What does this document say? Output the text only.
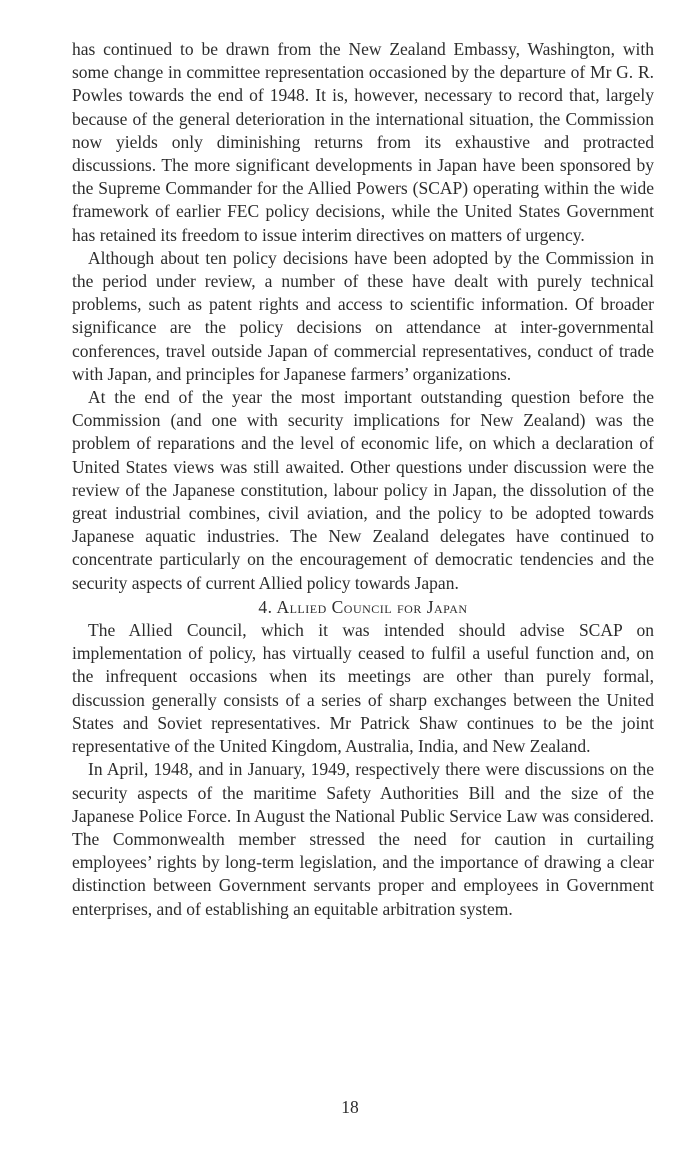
has continued to be drawn from the New Zealand Embassy, Washington, with some change in committee representation occasioned by the departure of Mr G. R. Powles towards the end of 1948. It is, however, necessary to record that, largely because of the general deterioration in the international situation, the Commission now yields only diminishing returns from its exhaustive and protracted discussions. The more significant developments in Japan have been sponsored by the Supreme Commander for the Allied Powers (SCAP) operating within the wide framework of earlier FEC policy decisions, while the United States Government has retained its freedom to issue interim directives on matters of urgency.

Although about ten policy decisions have been adopted by the Commission in the period under review, a number of these have dealt with purely technical problems, such as patent rights and access to scientific information. Of broader significance are the policy decisions on attendance at inter-governmental conferences, travel outside Japan of commercial representatives, conduct of trade with Japan, and principles for Japanese farmers’ organizations.

At the end of the year the most important outstanding question before the Commission (and one with security implications for New Zealand) was the problem of reparations and the level of economic life, on which a declaration of United States views was still awaited. Other questions under discussion were the review of the Japanese constitution, labour policy in Japan, the dissolution of the great industrial combines, civil aviation, and the policy to be adopted towards Japanese aquatic industries. The New Zealand delegates have continued to concentrate particularly on the encouragement of democratic tendencies and the security aspects of current Allied policy towards Japan.

4. Allied Council for Japan

The Allied Council, which it was intended should advise SCAP on implementation of policy, has virtually ceased to fulfil a useful function and, on the infrequent occasions when its meetings are other than purely formal, discussion generally consists of a series of sharp exchanges between the United States and Soviet representatives. Mr Patrick Shaw continues to be the joint representative of the United Kingdom, Australia, India, and New Zealand.

In April, 1948, and in January, 1949, respectively there were discussions on the security aspects of the maritime Safety Authorities Bill and the size of the Japanese Police Force. In August the National Public Service Law was considered. The Commonwealth member stressed the need for caution in curtailing employees’ rights by long-term legislation, and the importance of drawing a clear distinction between Government servants proper and employees in Government enterprises, and of establishing an equitable arbitration system.

18
